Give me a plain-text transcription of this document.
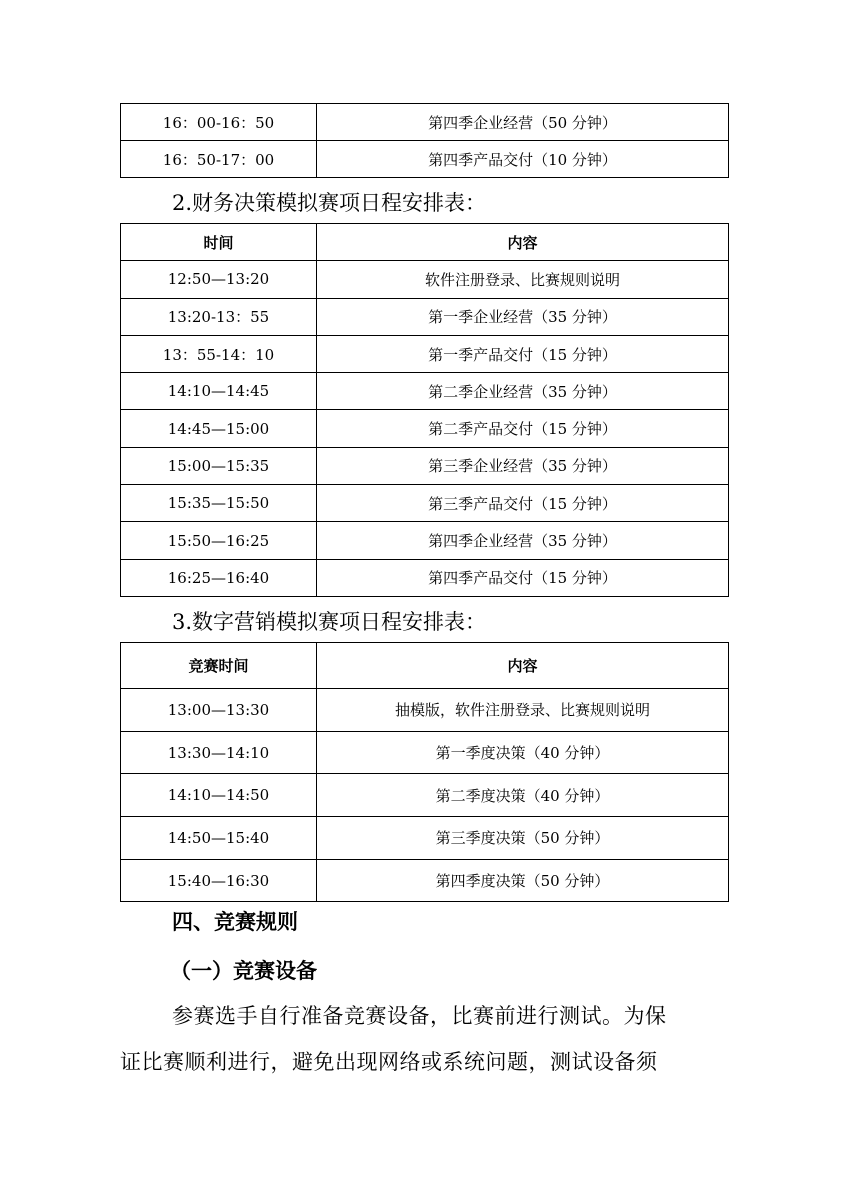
16：00-16：50	第四季企业经营（50 分钟）
16：50-17：00	第四季产品交付（10 分钟）
2.财务决策模拟赛项日程安排表：
时间	内容
12:50—13:20	软件注册登录、比赛规则说明
13:20-13：55	第一季企业经营（35 分钟）
13：55-14：10	第一季产品交付（15 分钟）
14:10—14:45	第二季企业经营（35 分钟）
14:45—15:00	第二季产品交付（15 分钟）
15:00—15:35	第三季企业经营（35 分钟）
15:35—15:50	第三季产品交付（15 分钟）
15:50—16:25	第四季企业经营（35 分钟）
16:25—16:40	第四季产品交付（15 分钟）
3.数字营销模拟赛项日程安排表：
竞赛时间	内容
13:00—13:30	抽模版，软件注册登录、比赛规则说明
13:30—14:10	第一季度决策（40 分钟）
14:10—14:50	第二季度决策（40 分钟）
14:50—15:40	第三季度决策（50 分钟）
15:40—16:30	第四季度决策（50 分钟）
四、竞赛规则
（一）竞赛设备
参赛选手自行准备竞赛设备，比赛前进行测试。为保
证比赛顺利进行，避免出现网络或系统问题，测试设备须
